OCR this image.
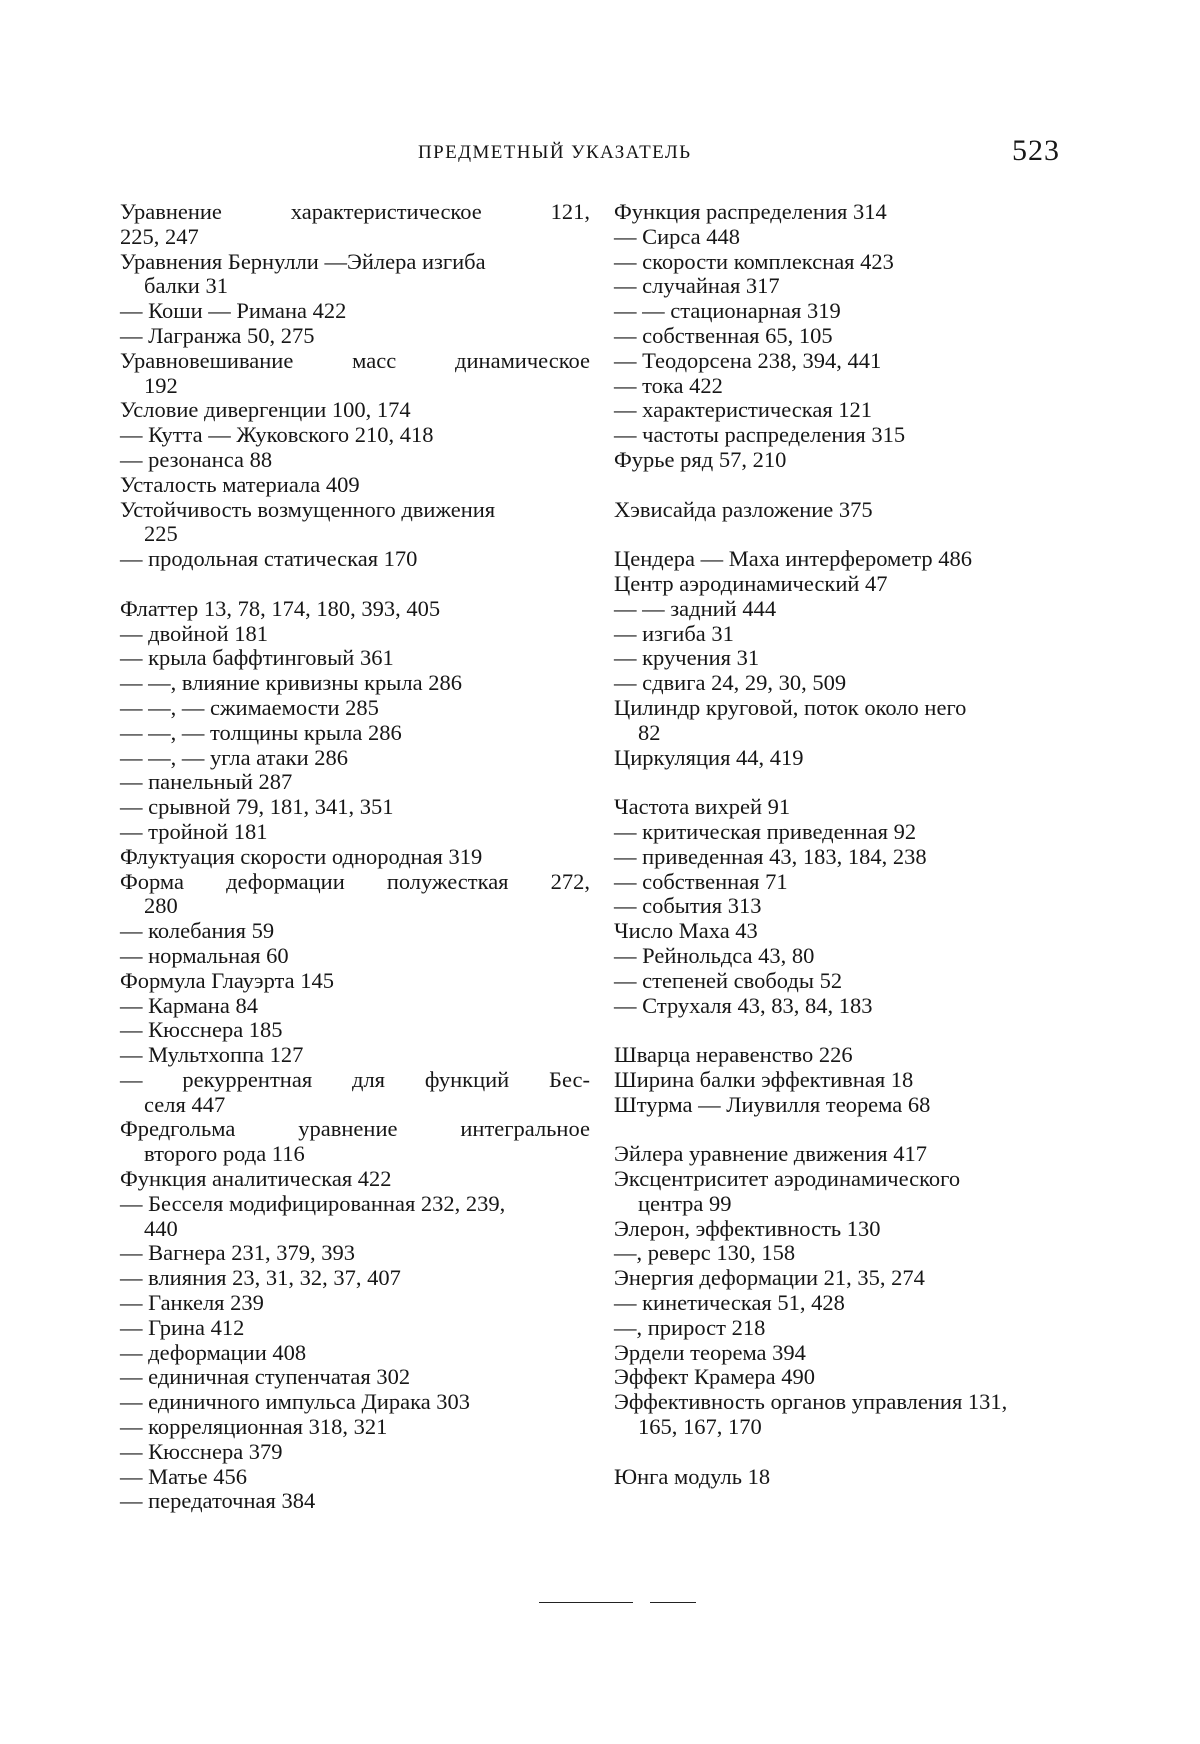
ПРЕДМЕТНЫЙ УКАЗАТЕЛЬ	523

Уравнение характеристическое 121,

225, 247

Уравнения Бернулли —Эйлера изгиба

балки 31

— Коши — Римана 422

— Лагранжа 50, 275

Уравновешивание масс динамическое

192

Условие дивергенции 100, 174

— Кутта — Жуковского 210, 418

— резонанса 88

Усталость материала 409

Устойчивость возмущенного движения

225

— продольная статическая 170

Флаттер 13, 78, 174, 180, 393, 405

— двойной 181

— крыла баффтинговый 361

— —, влияние кривизны крыла 286

— —, — сжимаемости 285

— —, — толщины крыла 286

— —, — угла атаки 286

— панельный 287

— срывной 79, 181, 341, 351

— тройной 181

Флуктуация скорости однородная 319

Форма деформации полужесткая 272,

280

— колебания 59

— нормальная 60

Формула Глауэрта 145

— Кармана 84

— Кюсснера 185

— Мультхоппа 127

— рекуррентная для функций Бес-

селя 447

Фредгольма уравнение интегральное

второго рода 116

Функция аналитическая 422

— Бесселя модифицированная 232, 239,

440

— Вагнера 231, 379, 393

— влияния 23, 31, 32, 37, 407

— Ганкеля 239

— Грина 412

— деформации 408

— единичная ступенчатая 302

— единичного импульса Дирака 303

— корреляционная 318, 321

— Кюсснера 379

— Матье 456

— передаточная 384

Функция распределения 314

— Сирса 448

— скорости комплексная 423

— случайная 317

— — стационарная 319

— собственная 65, 105

— Теодорсена 238, 394, 441

— тока 422

— характеристическая 121

— частоты распределения 315

Фурье ряд 57, 210

Хэвисайда разложение 375

Цендера — Маха интерферометр 486

Центр аэродинамический 47

— — задний 444

— изгиба 31

— кручения 31

— сдвига 24, 29, 30, 509

Цилиндр круговой, поток около него

82

Циркуляция 44, 419

Частота вихрей 91

— критическая приведенная 92

— приведенная 43, 183, 184, 238

— собственная 71

— события 313

Число Маха 43

— Рейнольдса 43, 80

— степеней свободы 52

— Струхаля 43, 83, 84, 183

Шварца неравенство 226

Ширина балки эффективная 18

Штурма — Лиувилля теорема 68

Эйлера уравнение движения 417

Эксцентриситет аэродинамического

центра 99

Элерон, эффективность 130

—, реверс 130, 158

Энергия деформации 21, 35, 274

— кинетическая 51, 428

—, прирост 218

Эрдели теорема 394

Эффект Крамера 490

Эффективность органов управления 131,

165, 167, 170

Юнга модуль 18
